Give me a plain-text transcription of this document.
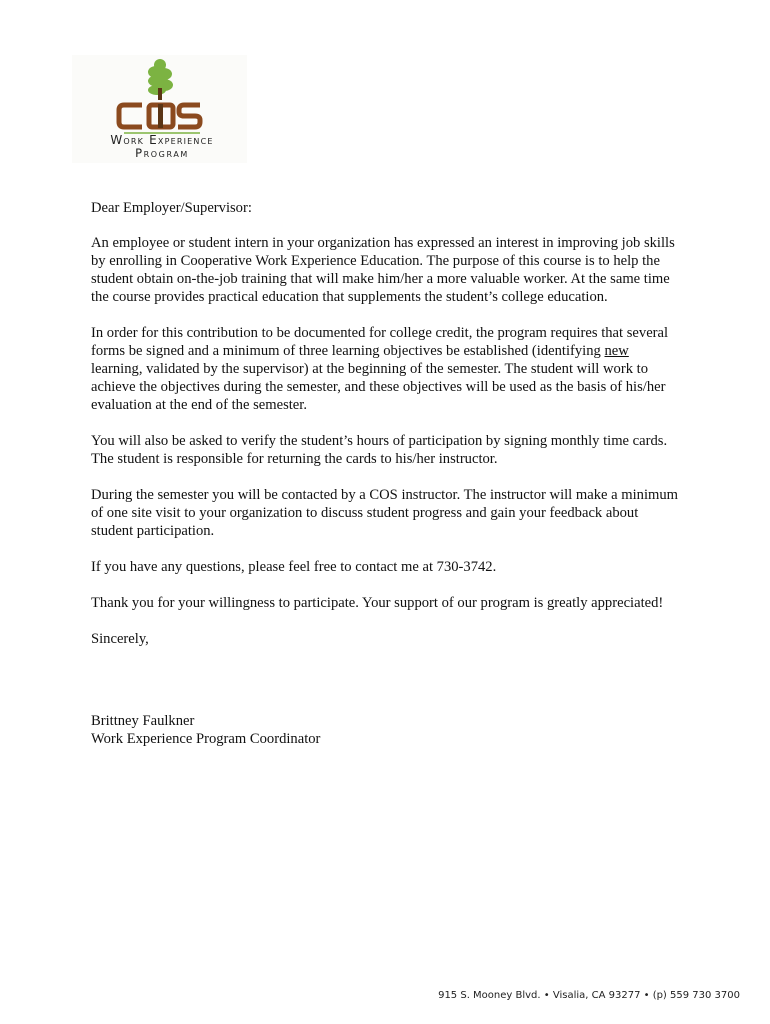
COS
Work Experience
Program

Dear Employer/Supervisor:

An employee or student intern in your organization has expressed an interest in improving job skills
by enrolling in Cooperative Work Experience Education. The purpose of this course is to help the
student obtain on-the-job training that will make him/her a more valuable worker. At the same time
the course provides practical education that supplements the student’s college education.

In order for this contribution to be documented for college credit, the program requires that several
forms be signed and a minimum of three learning objectives be established (identifying new
learning, validated by the supervisor) at the beginning of the semester. The student will work to
achieve the objectives during the semester, and these objectives will be used as the basis of his/her
evaluation at the end of the semester.

You will also be asked to verify the student’s hours of participation by signing monthly time cards.
The student is responsible for returning the cards to his/her instructor.

During the semester you will be contacted by a COS instructor. The instructor will make a minimum
of one site visit to your organization to discuss student progress and gain your feedback about
student participation.

If you have any questions, please feel free to contact me at 730-3742.

Thank you for your willingness to participate. Your support of our program is greatly appreciated!

Sincerely,

Brittney Faulkner
Work Experience Program Coordinator
915 S. Mooney Blvd. • Visalia, CA 93277 • (p) 559 730 3700
